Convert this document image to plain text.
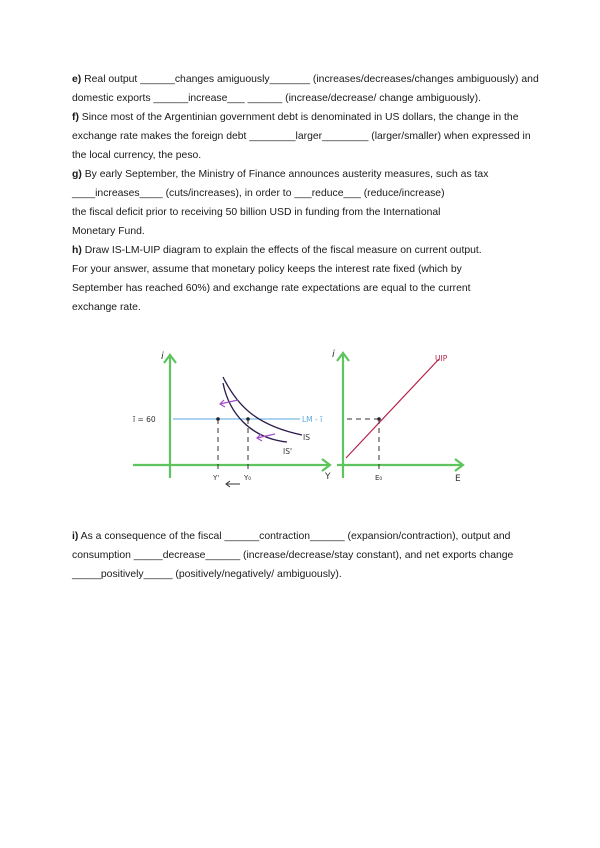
e) Real output ______changes amiguously_______ (increases/decreases/changes ambiguously) and domestic exports ______increase___ ______ (increase/decrease/ change ambiguously).

f) Since most of the Argentinian government debt is denominated in US dollars, the change in the exchange rate makes the foreign debt ________larger________ (larger/smaller) when expressed in the local currency, the peso.

g) By early September, the Ministry of Finance announces austerity measures, such as tax ____increases____ (cuts/increases), in order to ___reduce___ (reduce/increase)

the fiscal deficit prior to receiving 50 billion USD in funding from the International

Monetary Fund.

h) Draw IS-LM-UIP diagram to explain the effects of the fiscal measure on current output.

For your answer, assume that monetary policy keeps the interest rate fixed (which by

September has reached 60%) and exchange rate expectations are equal to the current

exchange rate.

i
Y
ī = 60	LM - ī
IS
IS'
Y'	Y₀
i
E
UIP
E₀

i) As a consequence of the fiscal ______contraction______ (expansion/contraction), output and consumption _____decrease______ (increase/decrease/stay constant), and net exports change _____positively_____ (positively/negatively/ ambiguously).
